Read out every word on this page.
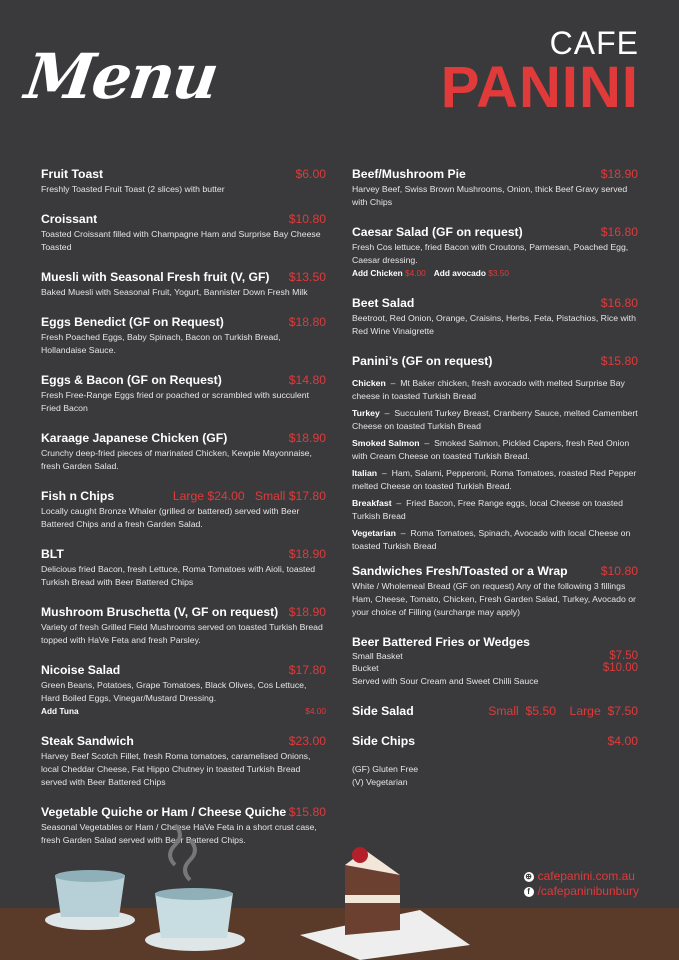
Menu	CAFE
PANINI
Fruit Toast	$6.00
Freshly Toasted Fruit Toast (2 slices) with butter
Croissant	$10.80
Toasted Croissant filled with Champagne Ham and Surprise Bay Cheese Toasted
Muesli with Seasonal Fresh fruit (V, GF) $13.50
Baked Muesli with Seasonal Fruit, Yogurt, Bannister Down Fresh Milk
Eggs Benedict (GF on Request)	$18.80
Fresh Poached Eggs, Baby Spinach, Bacon on Turkish Bread, Hollandaise Sauce.
Eggs & Bacon (GF on Request)	$14.80
Fresh Free-Range Eggs fried or poached or scrambled with succulent Fried Bacon
Karaage Japanese Chicken (GF)	$18.90
Crunchy deep-fried pieces of marinated Chicken, Kewpie Mayonnaise, fresh Garden Salad.
Fish n Chips	Large $24.00   Small $17.80
Locally caught Bronze Whaler (grilled or battered) served with Beer Battered Chips and a fresh Garden Salad.
BLT	$18.90
Delicious fried Bacon, fresh Lettuce, Roma Tomatoes with Aioli, toasted Turkish Bread with Beer Battered Chips
Mushroom Bruschetta (V, GF on request) $18.90
Variety of fresh Grilled Field Mushrooms served on toasted Turkish Bread topped with HaVe Feta and fresh Parsley.
Nicoise Salad	$17.80
Green Beans, Potatoes, Grape Tomatoes, Black Olives, Cos Lettuce, Hard Boiled Eggs, Vinegar/Mustard Dressing.
Add Tuna	$4.00
Steak Sandwich	$23.00
Harvey Beef Scotch Fillet, fresh Roma tomatoes, caramelised Onions, local Cheddar Cheese, Fat Hippo Chutney in toasted Turkish Bread served with Beer Battered Chips
Vegetable Quiche or Ham / Cheese Quiche $15.80
Seasonal Vegetables or Ham / Cheese HaVe Feta in a short crust case, fresh Garden Salad served with Beer Battered Chips.
Beef/Mushroom Pie	$18.90
Harvey Beef, Swiss Brown Mushrooms, Onion, thick Beef Gravy served with Chips
Caesar Salad (GF on request)	$16.80
Fresh Cos lettuce, fried Bacon with Croutons, Parmesan, Poached Egg, Caesar dressing.
Add Chicken $4.00 Add avocado $3.50
Beet Salad	$16.80
Beetroot, Red Onion, Orange, Craisins, Herbs, Feta, Pistachios, Rice with Red Wine Vinaigrette
Panini’s (GF on request)	$15.80
Chicken  –  Mt Baker chicken, fresh avocado with melted Surprise Bay cheese in toasted Turkish Bread
Turkey  –  Succulent Turkey Breast, Cranberry Sauce, melted Camembert Cheese on toasted Turkish Bread
Smoked Salmon  –  Smoked Salmon, Pickled Capers, fresh Red Onion with Cream Cheese on toasted Turkish Bread.
Italian  –  Ham, Salami, Pepperoni, Roma Tomatoes, roasted Red Pepper melted Cheese on toasted Turkish Bread.
Breakfast  –  Fried Bacon, Free Range eggs, local Cheese on toasted Turkish Bread
Vegetarian  –  Roma Tomatoes, Spinach, Avocado with local Cheese on toasted Turkish Bread
Sandwiches Fresh/Toasted or a Wrap	$10.80
White / Wholemeal Bread (GF on request) Any of the following 3 fillings Ham, Cheese, Tomato, Chicken, Fresh Garden Salad, Turkey, Avocado or your choice of Filling (surcharge may apply)
Beer Battered Fries or Wedges
Small Basket	$7.50
Bucket	$10.00
Served with Sour Cream and Sweet Chilli Sauce
Side Salad	Small  $5.50    Large  $7.50
Side Chips	$4.00
(GF) Gluten Free
(V) Vegetarian
⊕ cafepanini.com.au
f /cafepaninibunbury
